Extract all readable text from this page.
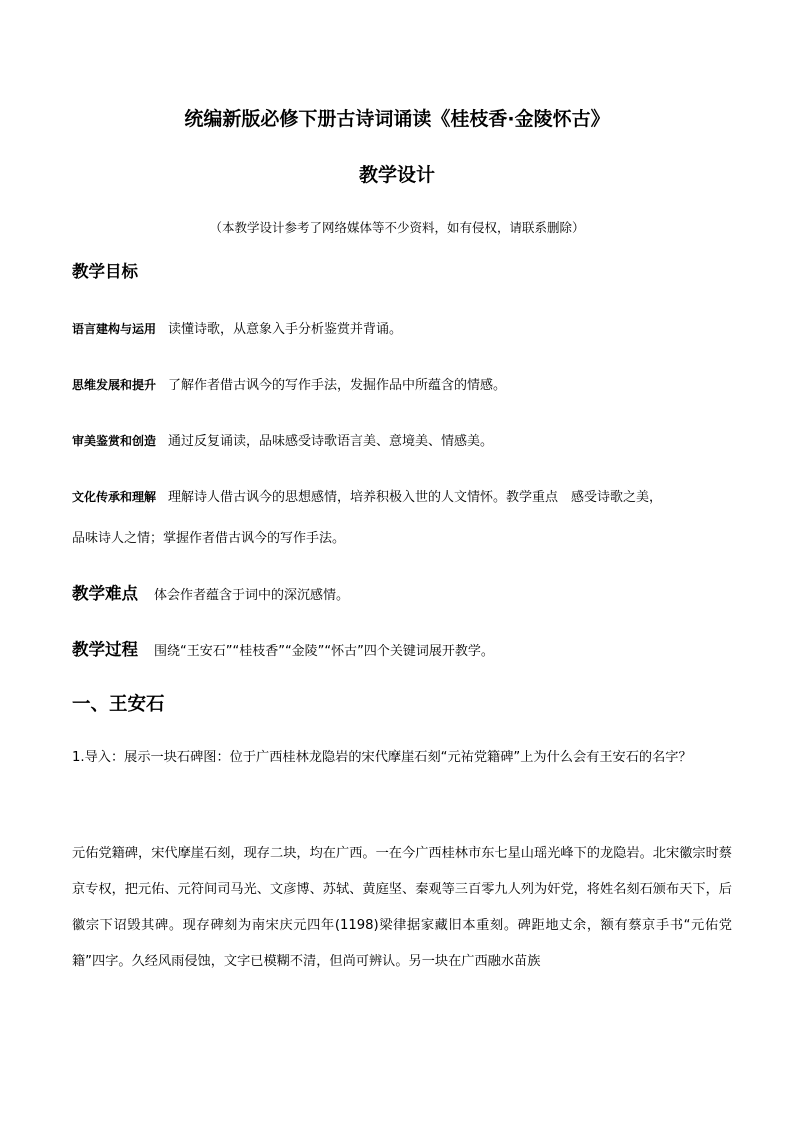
统编新版必修下册古诗词诵读《桂枝香·金陵怀古》
教学设计
（本教学设计参考了网络媒体等不少资料，如有侵权，请联系删除）
教学目标
语言建构与运用 读懂诗歌，从意象入手分析鉴赏并背诵。
思维发展和提升 了解作者借古讽今的写作手法，发掘作品中所蕴含的情感。
审美鉴赏和创造 通过反复诵读，品味感受诗歌语言美、意境美、情感美。
文化传承和理解 理解诗人借古讽今的思想感情，培养积极入世的人文情怀。教学重点　感受诗歌之美，
品味诗人之情；掌握作者借古讽今的写作手法。
教学难点 体会作者蕴含于词中的深沉感情。
教学过程 围绕“王安石”“桂枝香”“金陵”“怀古”四个关键词展开教学。
一、王安石
1.导入：展示一块石碑图：位于广西桂林龙隐岩的宋代摩崖石刻“元祐党籍碑”上为什么会有王安石的名字？
元佑党籍碑，宋代摩崖石刻，现存二块，均在广西。一在今广西桂林市东七星山瑶光峰下的龙隐岩。北宋徽宗时蔡京专权，把元佑、元符间司马光、文彦博、苏轼、黄庭坚、秦观等三百零九人列为奸党，将姓名刻石颁布天下，后徽宗下诏毁其碑。现存碑刻为南宋庆元四年(1198)梁律据家藏旧本重刻。碑距地丈余，额有蔡京手书“元佑党籍”四字。久经风雨侵蚀，文字已模糊不清，但尚可辨认。另一块在广西融水苗族
